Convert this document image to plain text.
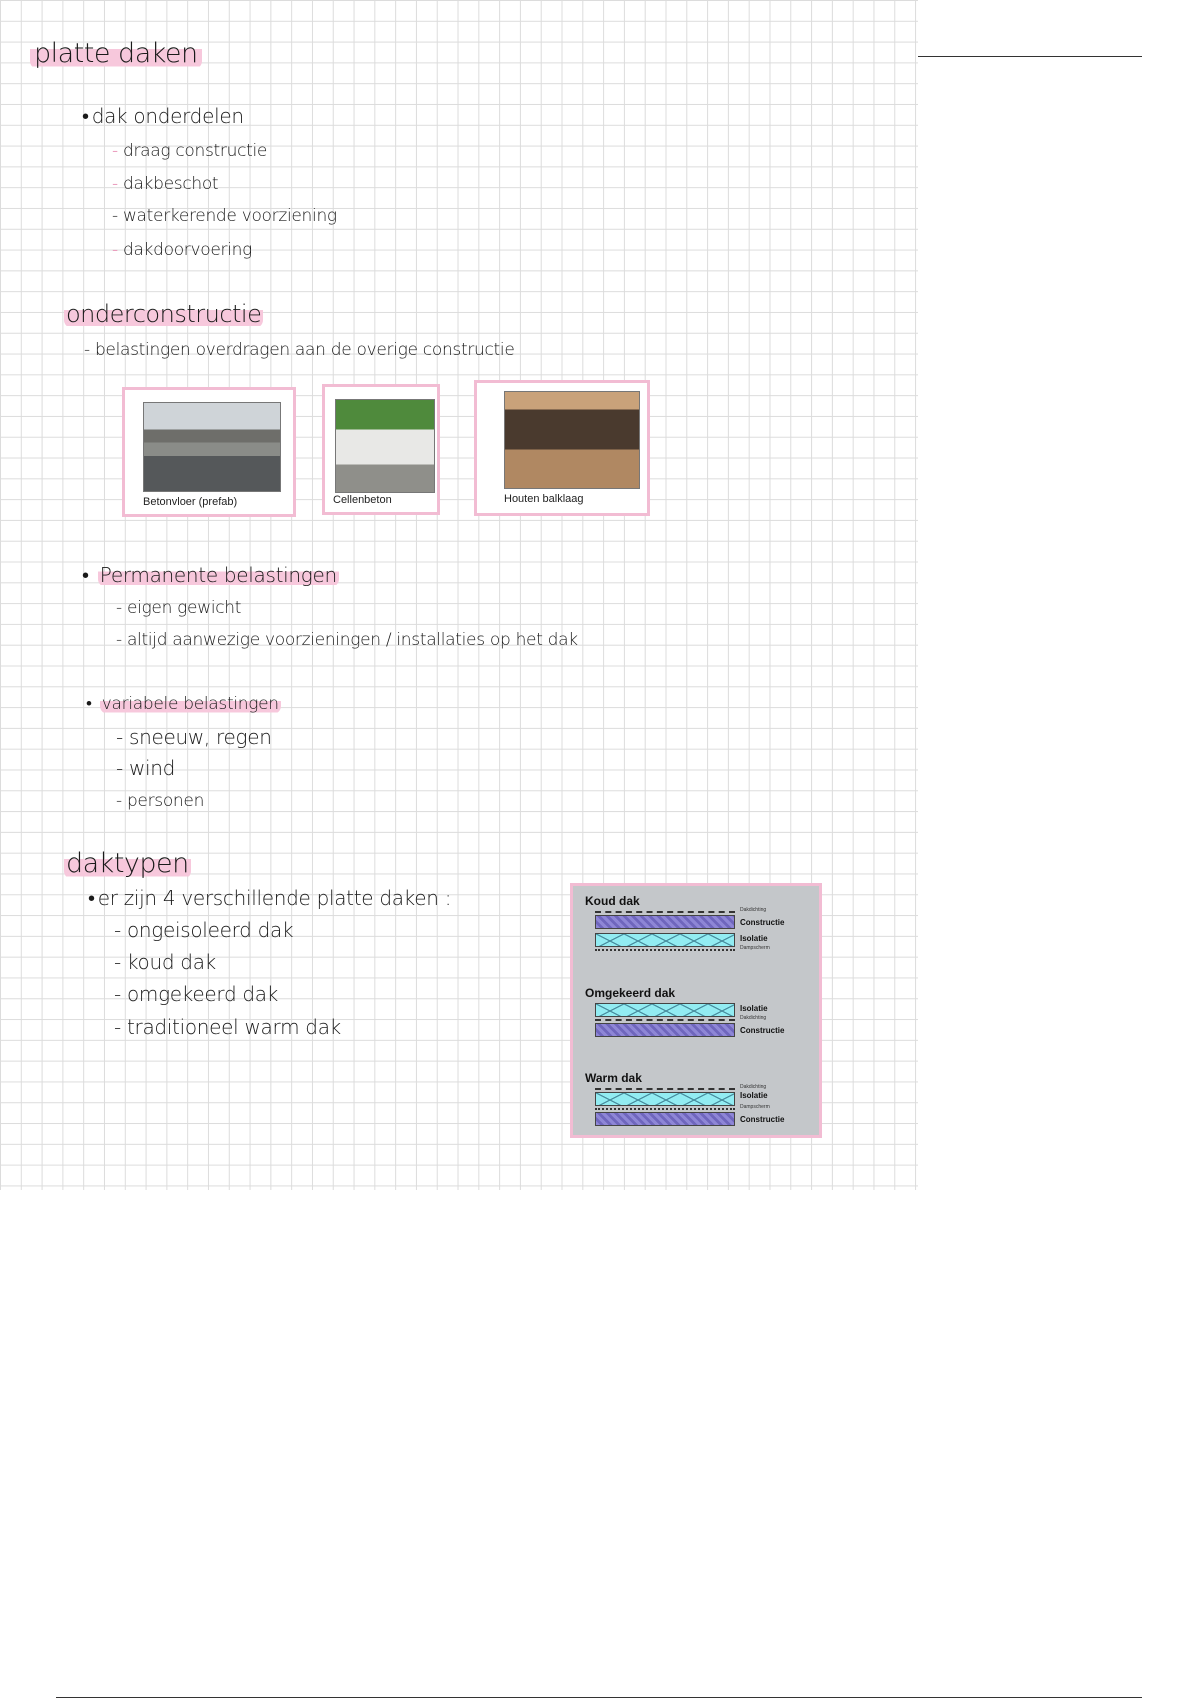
platte daken
• dak onderdelen
- draag constructie
- dakbeschot
- waterkerende voorziening
- dakdoorvoering
onderconstructie
- belastingen overdragen aan de overige constructie
Betonvloer (prefab)	Cellenbeton	Houten balklaag
• Permanente belastingen
- eigen gewicht
- altijd aanwezige voorzieningen / installaties op het dak
• variabele belastingen
- sneeuw, regen
- wind
- personen
daktypen
• er zijn 4 verschillende platte daken :
- ongeisoleerd dak
- koud dak
- omgekeerd dak
- traditioneel warm dak
Koud dak
Dakdichting
Constructie
Isolatie
Dampscherm
Omgekeerd dak
Isolatie
Dakdichting
Constructie
Warm dak
Dakdichting
Isolatie
Dampscherm
Constructie
